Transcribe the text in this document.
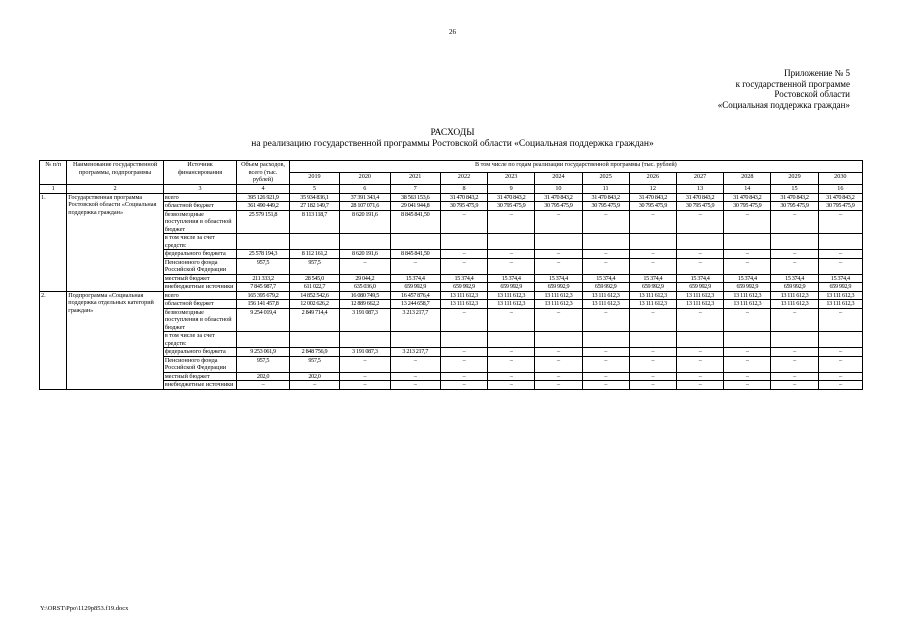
26
Приложение № 5
к государственной программе
Ростовской области
«Социальная поддержка граждан»
РАСХОДЫ
на реализацию государственной программы Ростовской области «Социальная поддержка граждан»
№ п/п	Наименование государственной программы, подпрограммы	Источник финансирования	Объем расходов, всего (тыс. рублей)	В том числе по годам реализации государственной программы (тыс. рублей)											
				2019	2020	2021	2022	2023	2024	2025	2026	2027	2028	2029	2030
1	2	3	4	5	6	7	8	9	10	11	12	13	14	15	16
1.	Государственная программа Ростовской области «Социальная поддержка граждан»	всего	395 126 921,9	35 934 836,1	37 391 343,4	38 563 153,6	31 470 843,2	31 470 843,2	31 470 843,2	31 470 843,2	31 470 843,2	31 470 843,2	31 470 843,2	31 470 843,2	31 470 843,2
		областной бюджет	361 490 449,2	27 182 149,7	28 107 071,6	29 041 944,8	30 795 475,9	30 795 475,9	30 795 475,9	30 795 475,9	30 795 475,9	30 795 475,9	30 795 475,9	30 795 475,9	30 795 475,9
		безвозмездные поступления в областной бюджет	25 579 151,8	8 113 118,7	8 620 191,6	8 845 841,50	–	–	–	–	–	–	–	–	–
		в том числе за счет средств:													
		федерального бюджета	25 578 194,3	8 112 161,2	8 620 191,6	8 845 841,50	–	–	–	–	–	–	–	–	–
		Пенсионного фонда Российской Федерации	957,5	957,5	–	–	–	–	–	–	–	–	–	–	–
		местный бюджет	211 333,2	28 545,0	29 044,2	15 374,4	15 374,4	15 374,4	15 374,4	15 374,4	15 374,4	15 374,4	15 374,4	15 374,4	15 374,4
		внебюджетные источники	7 845 987,7	611 022,7	635 036,0	659 992,9	659 992,9	659 992,9	659 992,9	659 992,9	659 992,9	659 992,9	659 992,9	659 992,9	659 992,9
2.	Подпрограмма «Социальная поддержка отдельных категорий граждан»	всего	165 395 679,2	14 852 542,6	16 080 749,5	16 457 876,4	13 111 612,3	13 111 612,3	13 111 612,3	13 111 612,3	13 111 612,3	13 111 612,3	13 111 612,3	13 111 612,3	13 111 612,3
		областной бюджет	156 141 457,8	12 002 626,2	12 889 662,2	13 244 658,7	13 111 612,3	13 111 612,3	13 111 612,3	13 111 612,3	13 111 612,3	13 111 612,3	13 111 612,3	13 111 612,3	13 111 612,3
		безвозмездные поступления в областной бюджет	9 254 019,4	2 849 714,4	3 191 087,3	3 213 217,7	–	–	–	–	–	–	–	–	–
		в том числе за счет средств:													
		федерального бюджета	9 253 061,9	2 848 756,9	3 191 087,3	3 213 217,7	–	–	–	–	–	–	–	–	–
		Пенсионного фонда Российской Федерации	957,5	957,5	–	–	–	–	–	–	–	–	–	–	–
		местный бюджет	202,0	202,0	–	–	–	–	–	–	–	–	–	–	–
		внебюджетные источники	–	–	–	–	–	–	–	–	–	–	–	–	–
Y:\ORST\Ppo\1129p853.f19.docx
